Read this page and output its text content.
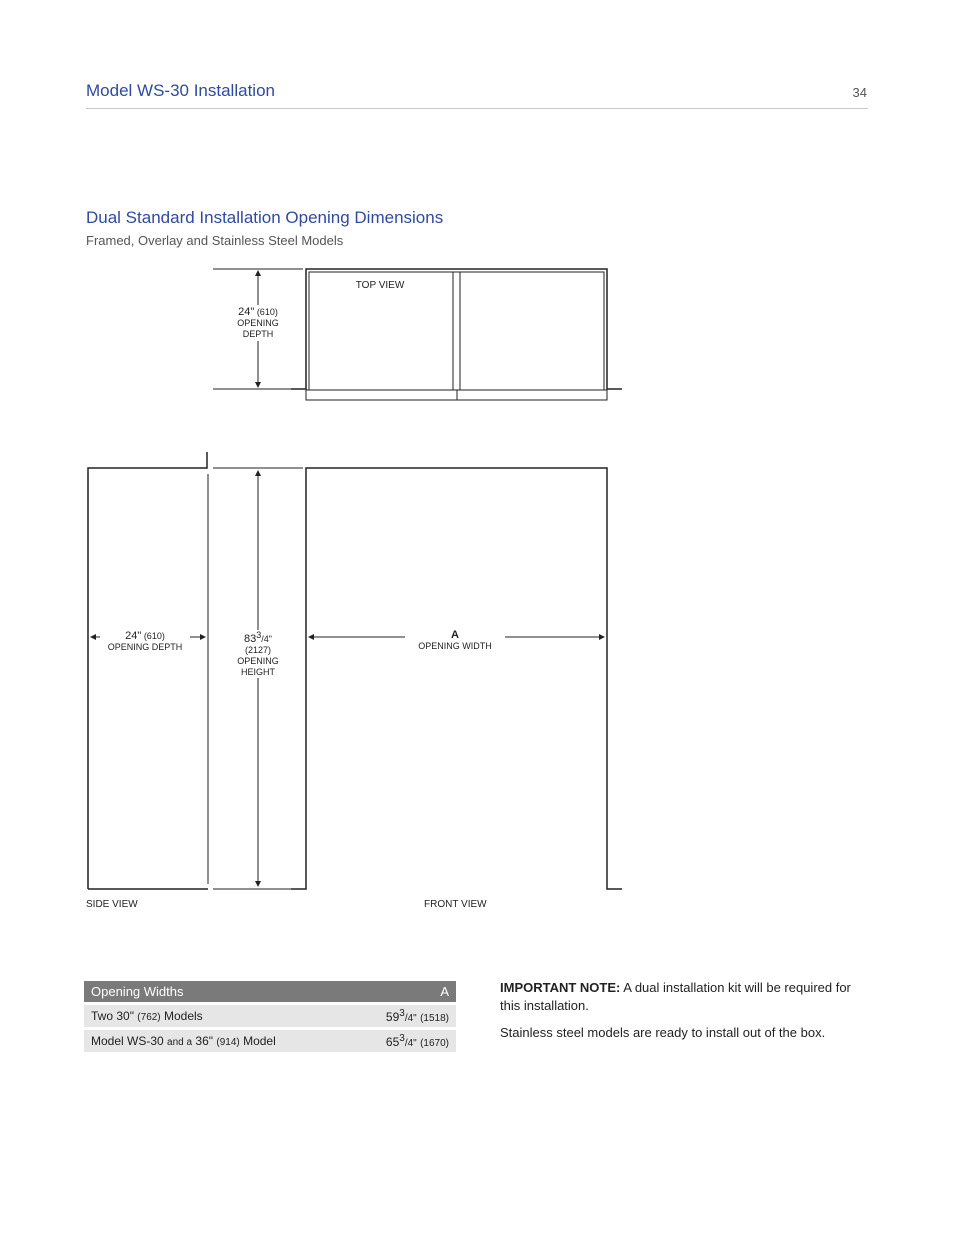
Model WS-30 Installation	34
Dual Standard Installation Opening Dimensions
Framed, Overlay and Stainless Steel Models
TOP VIEW
24" (610)
OPENING
DEPTH
24" (610)
OPENING DEPTH
$83^3/4$"
(2127)
OPENING
HEIGHT
A
OPENING WIDTH
SIDE VIEW	FRONT VIEW
Opening Widths	A
Two 30" (762) Models	$59^3/4$" (1518)
Model WS-30 and a 36" (914) Model	$65^3/4$" (1670)

IMPORTANT NOTE: A dual installation kit will be required for this installation.

Stainless steel models are ready to install out of the box.
